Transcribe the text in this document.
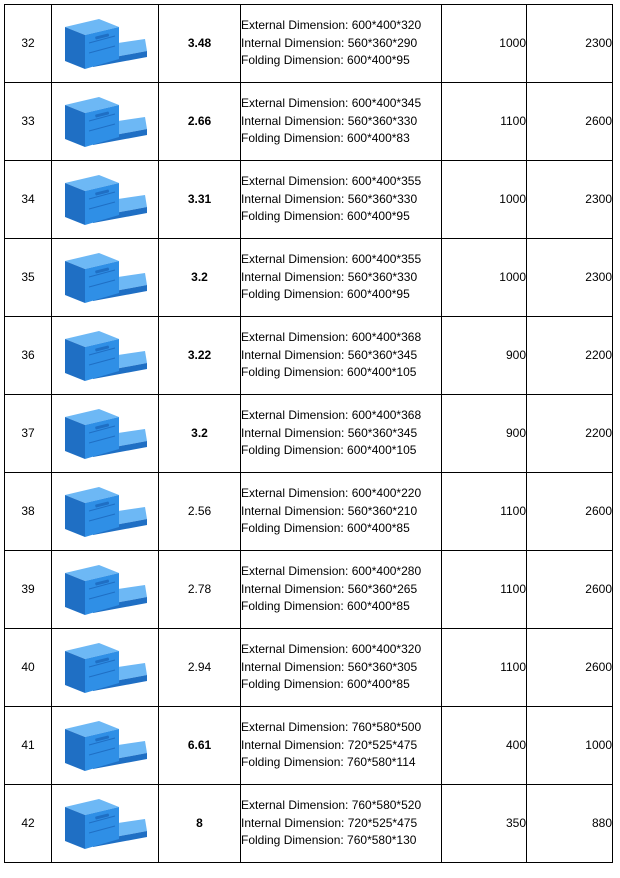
32		3.48	External Dimension: 600*400*320
Internal Dimension: 560*360*290
Folding Dimension: 600*400*95	1000	2300
33		2.66	External Dimension: 600*400*345
Internal Dimension: 560*360*330
Folding Dimension: 600*400*83	1100	2600
34		3.31	External Dimension: 600*400*355
Internal Dimension: 560*360*330
Folding Dimension: 600*400*95	1000	2300
35		3.2	External Dimension: 600*400*355
Internal Dimension: 560*360*330
Folding Dimension: 600*400*95	1000	2300
36		3.22	External Dimension: 600*400*368
Internal Dimension: 560*360*345
Folding Dimension: 600*400*105	900	2200
37		3.2	External Dimension: 600*400*368
Internal Dimension: 560*360*345
Folding Dimension: 600*400*105	900	2200
38		2.56	External Dimension: 600*400*220
Internal Dimension: 560*360*210
Folding Dimension: 600*400*85	1100	2600
39		2.78	External Dimension: 600*400*280
Internal Dimension: 560*360*265
Folding Dimension: 600*400*85	1100	2600
40		2.94	External Dimension: 600*400*320
Internal Dimension: 560*360*305
Folding Dimension: 600*400*85	1100	2600
41		6.61	External Dimension: 760*580*500
Internal Dimension: 720*525*475
Folding Dimension: 760*580*114	400	1000
42		8	External Dimension: 760*580*520
Internal Dimension: 720*525*475
Folding Dimension: 760*580*130	350	880
